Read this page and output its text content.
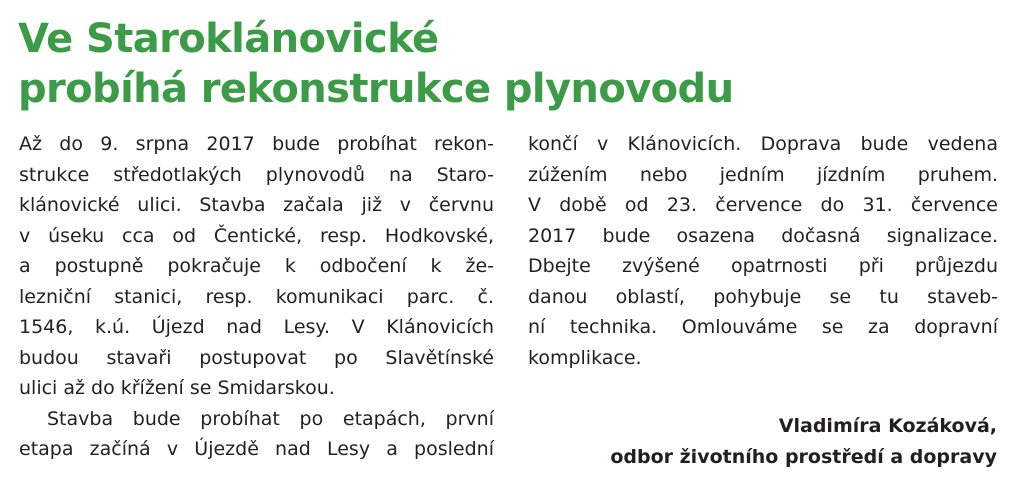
Ve Staroklánovické
probíhá rekonstrukce plynovodu
Až do 9. srpna 2017 bude probíhat rekon-
strukce středotlakých plynovodů na Staro-
klánovické ulici. Stavba začala již v červnu
v úseku cca od Čentické, resp. Hodkovské,
a postupně pokračuje k odbočení k že-
lezniční stanici, resp. komunikaci parc. č.
1546, k.ú. Újezd nad Lesy. V Klánovicích
budou stavaři postupovat po Slavětínské
ulici až do křížení se Smidarskou.
Stavba bude probíhat po etapách, první
etapa začíná v Újezdě nad Lesy a poslední
končí v Klánovicích. Doprava bude vedena
zúžením nebo jedním jízdním pruhem.
V době od 23. července do 31. července
2017 bude osazena dočasná signalizace.
Dbejte zvýšené opatrnosti při průjezdu
danou oblastí, pohybuje se tu staveb-
ní technika. Omlouváme se za dopravní
komplikace.
Vladimíra Kozáková,
odbor životního prostředí a dopravy
